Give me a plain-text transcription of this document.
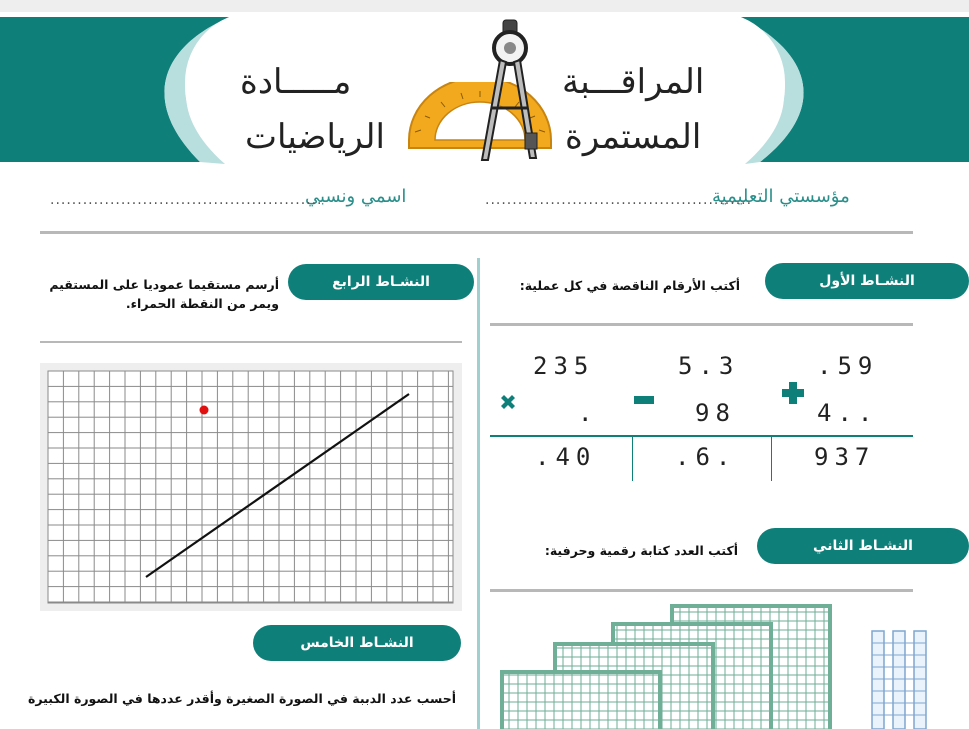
مـــــادة
الرياضيات
المراقـــبة
المستمرة
مؤسستي التعليمية
.................................................
اسمي ونسبي
..................................................
النشـاط الأول
أكتب الأرقام الناقصة في كل عملية:
.59
4..
937
5.3
98
.6.
235
.
.40
النشـاط الثاني
أكتب العدد كتابة رقمية وحرفية:
النشـاط الرابع
أرسم مستقيما عموديا على المستقيم
ويمر من النقطة الحمراء.
النشـاط الخامس
أحسب عدد الدببة في الصورة الصغيرة وأقدر عددها في الصورة الكبيرة
